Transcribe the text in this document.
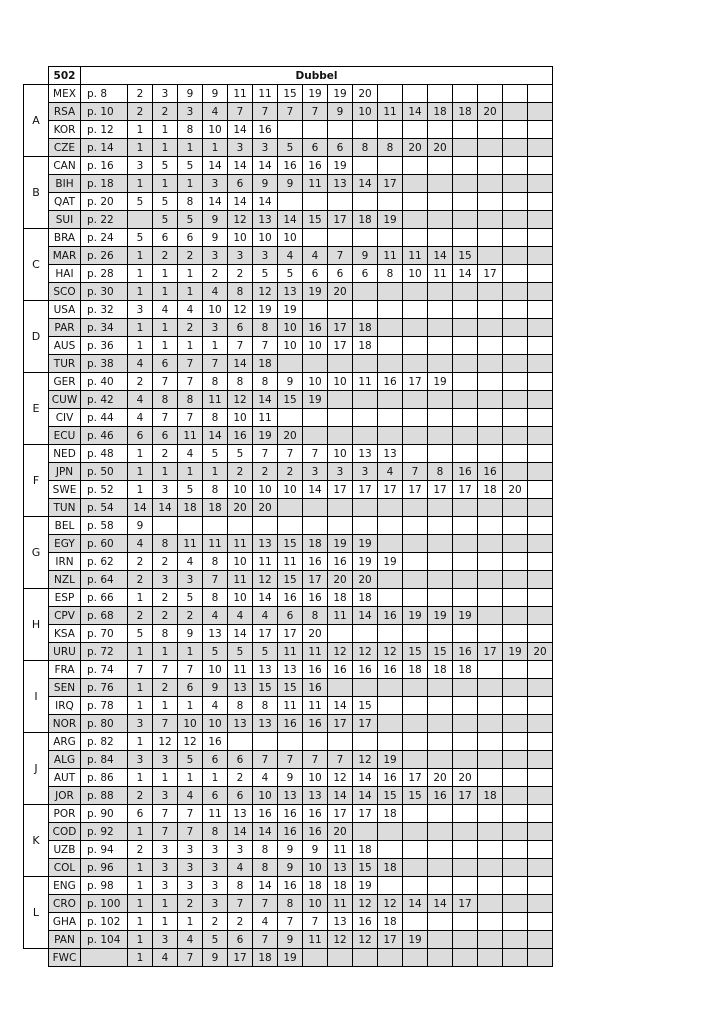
	502	Dubbel																	
A	MEX	p. 8	2	3	9	9	11	11	15	19	19	20							
	RSA	p. 10	2	2	3	4	7	7	7	7	9	10	11	14	18	18	20		
	KOR	p. 12	1	1	8	10	14	16											
	CZE	p. 14	1	1	1	1	3	3	5	6	6	8	8	20	20				
B	CAN	p. 16	3	5	5	14	14	14	16	16	19								
	BIH	p. 18	1	1	1	3	6	9	9	11	13	14	17						
	QAT	p. 20	5	5	8	14	14	14											
	SUI	p. 22		5	5	9	12	13	14	15	17	18	19						
C	BRA	p. 24	5	6	6	9	10	10	10										
	MAR	p. 26	1	2	2	3	3	3	4	4	7	9	11	11	14	15			
	HAI	p. 28	1	1	1	2	2	5	5	6	6	6	8	10	11	14	17		
	SCO	p. 30	1	1	1	4	8	12	13	19	20								
D	USA	p. 32	3	4	4	10	12	19	19										
	PAR	p. 34	1	1	2	3	6	8	10	16	17	18							
	AUS	p. 36	1	1	1	1	7	7	10	10	17	18							
	TUR	p. 38	4	6	7	7	14	18											
E	GER	p. 40	2	7	7	8	8	8	9	10	10	11	16	17	19				
	CUW	p. 42	4	8	8	11	12	14	15	19									
	CIV	p. 44	4	7	7	8	10	11											
	ECU	p. 46	6	6	11	14	16	19	20										
F	NED	p. 48	1	2	4	5	5	7	7	7	10	13	13						
	JPN	p. 50	1	1	1	1	2	2	2	3	3	3	4	7	8	16	16		
	SWE	p. 52	1	3	5	8	10	10	10	14	17	17	17	17	17	17	18	20	
	TUN	p. 54	14	14	18	18	20	20											
G	BEL	p. 58	9																
	EGY	p. 60	4	8	11	11	11	13	15	18	19	19							
	IRN	p. 62	2	2	4	8	10	11	11	16	16	19	19						
	NZL	p. 64	2	3	3	7	11	12	15	17	20	20							
H	ESP	p. 66	1	2	5	8	10	14	16	16	18	18							
	CPV	p. 68	2	2	2	4	4	4	6	8	11	14	16	19	19	19			
	KSA	p. 70	5	8	9	13	14	17	17	20									
	URU	p. 72	1	1	1	5	5	5	11	11	12	12	12	15	15	16	17	19	20
I	FRA	p. 74	7	7	7	10	11	13	13	16	16	16	16	18	18	18			
	SEN	p. 76	1	2	6	9	13	15	15	16									
	IRQ	p. 78	1	1	1	4	8	8	11	11	14	15							
	NOR	p. 80	3	7	10	10	13	13	16	16	17	17							
J	ARG	p. 82	1	12	12	16													
	ALG	p. 84	3	3	5	6	6	7	7	7	7	12	19						
	AUT	p. 86	1	1	1	1	2	4	9	10	12	14	16	17	20	20			
	JOR	p. 88	2	3	4	6	6	10	13	13	14	14	15	15	16	17	18		
K	POR	p. 90	6	7	7	11	13	16	16	16	17	17	18						
	COD	p. 92	1	7	7	8	14	14	16	16	20								
	UZB	p. 94	2	3	3	3	3	8	9	9	11	18							
	COL	p. 96	1	3	3	3	4	8	9	10	13	15	18						
L	ENG	p. 98	1	3	3	3	8	14	16	18	18	19							
	CRO	p. 100	1	1	2	3	7	7	8	10	11	12	12	14	14	17			
	GHA	p. 102	1	1	1	2	2	4	7	7	13	16	18						
	PAN	p. 104	1	3	4	5	6	7	9	11	12	12	17	19					
	FWC		1	4	7	9	17	18	19										
